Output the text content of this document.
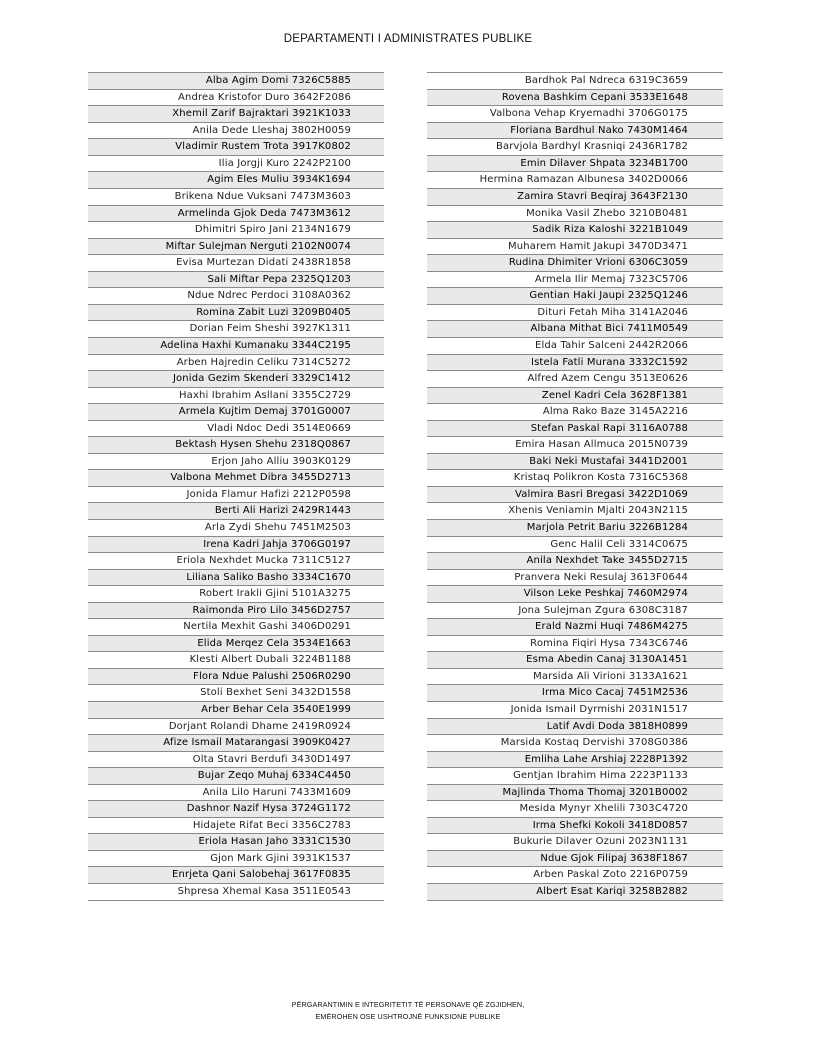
DEPARTAMENTI I ADMINISTRATES PUBLIKE
Alba Agim Domi 7326C5885
Andrea Kristofor Duro 3642F2086
Xhemil Zarif Bajraktari 3921K1033
Anila Dede Lleshaj 3802H0059
Vladimir Rustem Trota 3917K0802
Ilia Jorgji Kuro 2242P2100
Agim Eles Muliu 3934K1694
Brikena Ndue Vuksani 7473M3603
Armelinda Gjok Deda 7473M3612
Dhimitri Spiro Jani 2134N1679
Miftar Sulejman Nerguti 2102N0074
Evisa Murtezan Didati 2438R1858
Sali Miftar Pepa 2325Q1203
Ndue Ndrec Perdoci 3108A0362
Romina Zabit Luzi 3209B0405
Dorian Feim Sheshi 3927K1311
Adelina Haxhi Kumanaku 3344C2195
Arben Hajredin Celiku 7314C5272
Jonida Gezim Skenderi 3329C1412
Haxhi Ibrahim Asllani 3355C2729
Armela Kujtim Demaj 3701G0007
Vladi Ndoc Dedi 3514E0669
Bektash Hysen Shehu 2318Q0867
Erjon Jaho Alliu 3903K0129
Valbona Mehmet Dibra 3455D2713
Jonida Flamur Hafizi 2212P0598
Berti Ali Harizi 2429R1443
Arla Zydi Shehu 7451M2503
Irena Kadri Jahja 3706G0197
Eriola Nexhdet Mucka 7311C5127
Liliana Saliko Basho 3334C1670
Robert Irakli Gjini 5101A3275
Raimonda Piro Lilo 3456D2757
Nertila Mexhit Gashi 3406D0291
Elida Merqez Cela 3534E1663
Klesti Albert Dubali 3224B1188
Flora Ndue Palushi 2506R0290
Stoli Bexhet Seni 3432D1558
Arber Behar Cela 3540E1999
Dorjant Rolandi Dhame 2419R0924
Afize Ismail Matarangasi 3909K0427
Olta Stavri Berdufi 3430D1497
Bujar Zeqo Muhaj 6334C4450
Anila Lilo Haruni 7433M1609
Dashnor Nazif Hysa 3724G1172
Hidajete Rifat Beci 3356C2783
Eriola Hasan Jaho 3331C1530
Gjon Mark Gjini 3931K1537
Enrjeta Qani Salobehaj 3617F0835
Shpresa Xhemal Kasa 3511E0543
Bardhok Pal Ndreca 6319C3659
Rovena Bashkim Cepani 3533E1648
Valbona Vehap Kryemadhi 3706G0175
Floriana Bardhul Nako 7430M1464
Barvjola Bardhyl Krasniqi 2436R1782
Emin Dilaver Shpata 3234B1700
Hermina Ramazan Albunesa 3402D0066
Zamira Stavri Beqiraj 3643F2130
Monika Vasil Zhebo 3210B0481
Sadik Riza Kaloshi 3221B1049
Muharem Hamit Jakupi 3470D3471
Rudina Dhimiter Vrioni 6306C3059
Armela Ilir Memaj 7323C5706
Gentian Haki Jaupi 2325Q1246
Dituri Fetah Miha 3141A2046
Albana Mithat Bici 7411M0549
Elda Tahir Salceni 2442R2066
Istela Fatli Murana 3332C1592
Alfred Azem Cengu 3513E0626
Zenel Kadri Cela 3628F1381
Alma Rako Baze 3145A2216
Stefan Paskal Rapi 3116A0788
Emira Hasan Allmuca 2015N0739
Baki Neki Mustafai 3441D2001
Kristaq Polikron Kosta 7316C5368
Valmira Basri Bregasi 3422D1069
Xhenis Veniamin Mjalti 2043N2115
Marjola Petrit Bariu 3226B1284
Genc Halil Celi 3314C0675
Anila Nexhdet Take 3455D2715
Pranvera Neki Resulaj 3613F0644
Vilson Leke Peshkaj 7460M2974
Jona Sulejman Zgura 6308C3187
Erald Nazmi Huqi 7486M4275
Romina Fiqiri Hysa 7343C6746
Esma Abedin Canaj 3130A1451
Marsida Ali Virioni 3133A1621
Irma Mico Cacaj 7451M2536
Jonida Ismail Dyrmishi 2031N1517
Latif Avdi Doda 3818H0899
Marsida Kostaq Dervishi 3708G0386
Emliha Lahe Arshiaj 2228P1392
Gentjan Ibrahim Hima 2223P1133
Majlinda Thoma Thomaj 3201B0002
Mesida Mynyr Xhelili 7303C4720
Irma Shefki Kokoli 3418D0857
Bukurie Dilaver Ozuni 2023N1131
Ndue Gjok Filipaj 3638F1867
Arben Paskal Zoto 2216P0759
Albert Esat Kariqi 3258B2882
PËRGARANTIMIN E INTEGRITETIT TË PERSONAVE QË ZGJIDHEN,
EMËROHEN OSE USHTROJNË FUNKSIONE PUBLIKE
